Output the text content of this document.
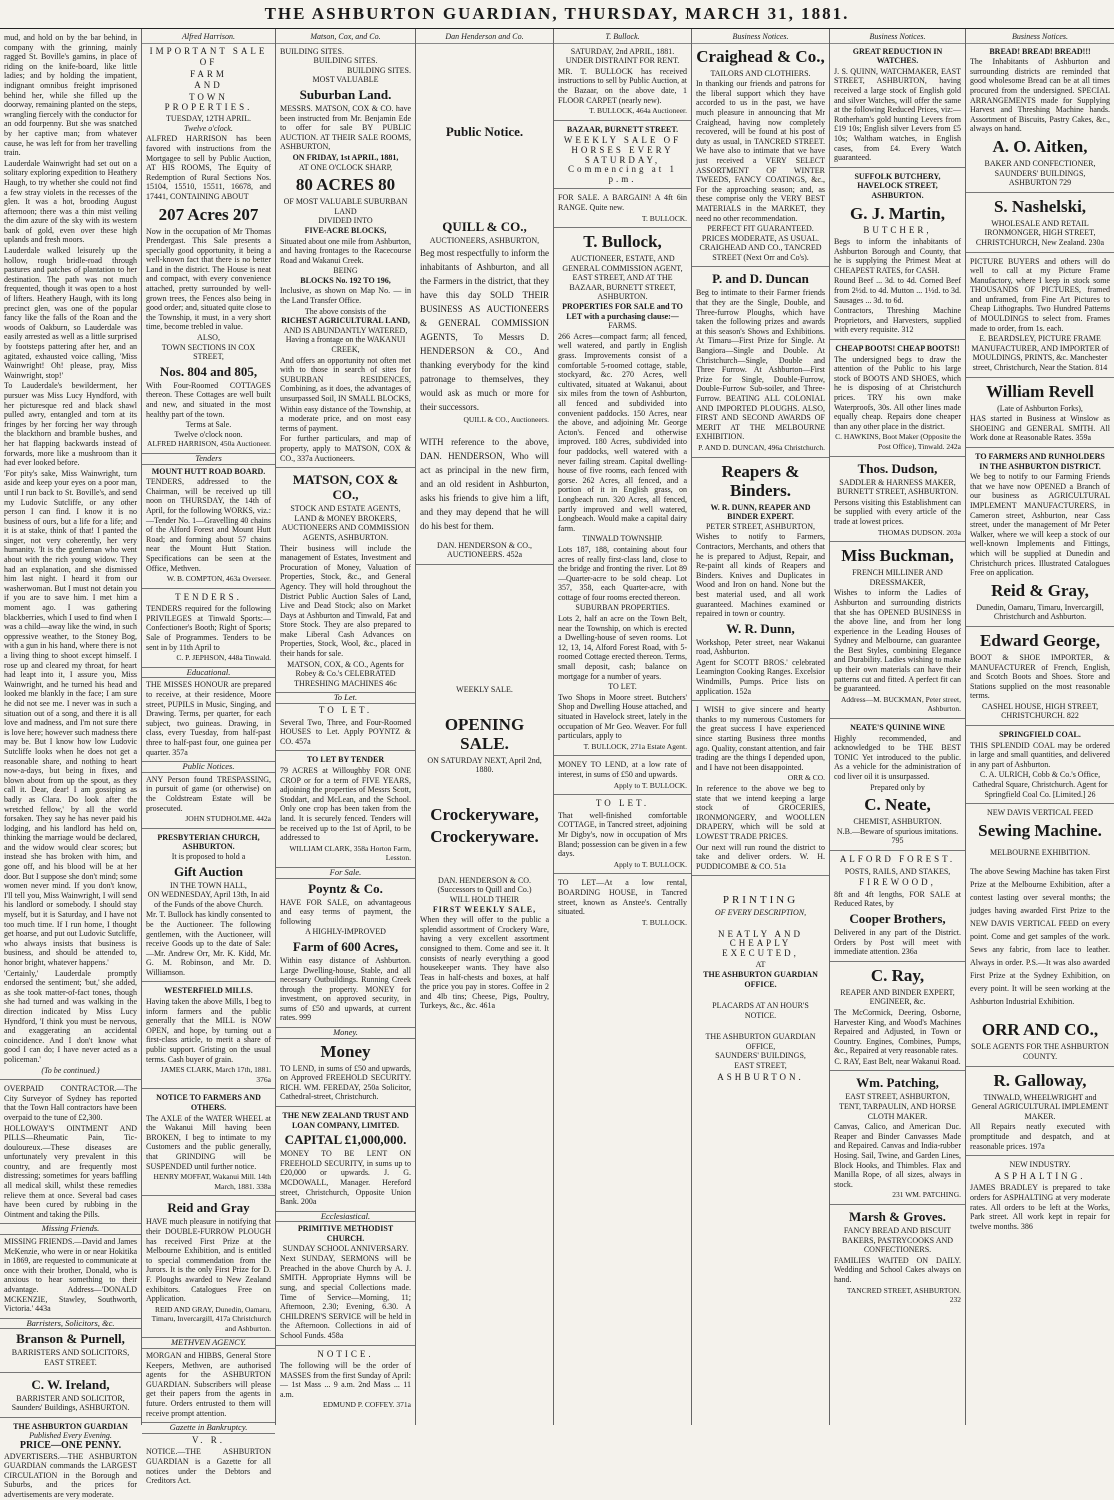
THE ASHBURTON GUARDIAN, THURSDAY, MARCH 31, 1881.

mud, and hold on by the bar behind, in company with the grinning, mainly ragged St. Boville's gamins, in place of riding on the knife-board, like little ladies; and by holding the impatient, indignant omnibus freight imprisoned behind her, while she filled up the doorway, remaining planted on the steps, wrangling fiercely with the conductor for an odd fourpenny. But she was snatched by her captive man; from whatever cause, he was left for from her travelling train.

Lauderdale Wainwright had set out on a solitary exploring expedition to Heathery Haugh, to try whether she could not find a few stray violets in the recesses of the glen. It was a hot, brooding August afternoon; there was a thin mist veiling the dim azure of the sky with its western bank of gold, even over these high uplands and fresh moors.

Lauderdale walked leisurely up the hollow, rough bridle-road through pastures and patches of plantation to her destination. The path was not much frequented, though it was open to a host of lifters. Heathery Haugh, with its long precinct glen, was one of the popular fancy like the falls of the Roan and the woods of Oakburn, so Lauderdale was easily arrested as well as a little surprised by footsteps pattering after her, and an agitated, exhausted voice calling, 'Miss Wainwright! Oh! please, pray, Miss Wainwright, stop!'

To Lauderdale's bewilderment, her pursuer was Miss Lucy Hyndford, with her picturesque red and black shawl pulled awry, entangled and torn at its fringes by her forcing her way through the blackthorn and bramble bushes, and her hat flapping backwards instead of forwards, more like a mushroom than it had ever looked before.

'For pity's sake, Miss Wainwright, turn aside and keep your eyes on a poor man, until I run back to St. Boville's, and send my Ludovic Sutcliffe, or any other person I can find. I know it is no business of ours, but a life for a life; and it is at stake, think of that! I panted the singer, not very coherently, her very humanity. 'It is the gentleman who went about with the rich young widow. They had an explanation, and she dismissed him last night. I heard it from our washerwoman. But I must not detain you if you are to save him. I met him a moment ago. I was gathering blackberries, which I used to find when I was a child—away like the wind, in such oppressive weather, to the Stoney Bog, with a gun in his hand, where there is not a living thing to shoot except himself. I rose up and cleared my throat, for heart had leapt into it, I assure you, Miss Wainwright, and he turned his head and looked me blankly in the face; I am sure he did not see me. I never was in such a situation out of a song, and there it is all love and madness, and I'm not sure there is love here; however such madness there may be. But I know how low Ludovic Sutcliffe looks when he does not get a reasonable share, and nothing to heart now-a-days, but being in fixes, and blown about from up the spout, as they call it. Dear, dear! I am gossiping as badly as Clara. Do look after the wretched fellow,' by all the world forsaken. They say he has never paid his lodging, and his landlord has held on, thinking the marriage would be declared, and the widow would clear scores; but instead she has broken with him, and gone off, and his blood will be at her door. But I suppose she don't mind; some women never mind. If you don't know, I'll tell you, Miss Wainwright, I will send his landlord or somebody. I should stay myself, but it is Saturday, and I have not too much time. If I run home, I thought get hoarse, and put out Ludovic Sutcliffe, who always insists that business is business, and should be attended to, honor bright, whatever happens.'

'Certainly,' Lauderdale promptly endorsed the sentiment; 'but,' she added, as she took matter-of-fact tones, though she had turned and was walking in the direction indicated by Miss Lucy Hyndford, 'I think you must be nervous, and exaggerating an accidental coincidence. And I don't know what good I can do; I have never acted as a policeman.'

(To be continued.)

OVERPAID CONTRACTOR.—The City Surveyor of Sydney has reported that the Town Hall contractors have been overpaid to the tune of £2,300.

HOLLOWAY'S OINTMENT AND PILLS—Rheumatic Pain, Tic-douloureux.—These diseases are unfortunately very prevalent in this country, and are frequently most distressing; sometimes for years baffling all medical skill, whilst these remedies relieve them at once. Several bad cases have been cured by rubbing in the Ointment and taking the Pills.

Missing Friends.

MISSING FRIENDS.—David and James McKenzie, who were in or near Hokitika in 1869, are requested to communicate at once with their brother, Donald, who is anxious to hear something to their advantage. Address—'DONALD MCKENZIE, Stawley, Southworth, Victoria.' 443a

Barristers, Solicitors, &c.
Branson & Purnell,
BARRISTERS AND SOLICITORS, EAST STREET.
C. W. Ireland,
BARRISTER AND SOLICITOR, Saunders' Buildings, ASHBURTON.
THE ASHBURTON GUARDIAN
Published Every Evening.
PRICE—ONE PENNY.

ADVERTISERS.—THE ASHBURTON GUARDIAN commands the LARGEST CIRCULATION in the Borough and Suburbs, and the prices for advertisements are very moderate.

Alfred Harrison.
IMPORTANT SALE
OF
FARM
AND
TOWN PROPERTIES.
TUESDAY, 12TH APRIL.
Twelve o'clock.

ALFRED HARRISON has been favored with instructions from the Mortgagee to sell by Public Auction, AT HIS ROOMS, The Equity of Redemption of Rural Sections Nos. 15104, 15510, 15511, 16678, and 17441, CONTAINING ABOUT

207 Acres 207

Now in the occupation of Mr Thomas Prendergast. This Sale presents a specially good opportunity, it being a well-known fact that there is no better Land in the district. The House is neat and compact, with every convenience attached, pretty surrounded by well-grown trees, the Fences also being in good order; and, situated quite close to the Township, it must, in a very short time, become trebled in value.

ALSO,
TOWN SECTIONS IN COX STREET,
Nos. 804 and 805,

With Four-Roomed COTTAGES thereon. These Cottages are well built and new, and situated in the most healthy part of the town.

Terms at Sale.
Twelve o'clock noon.
ALFRED HARRISON, 450a Auctioneer.
Tenders
MOUNT HUTT ROAD BOARD.

TENDERS, addressed to the Chairman, will be received up till noon on THURSDAY, the 14th of April, for the following WORKS, viz.:—Tender No. 1—Gravelling 40 chains of the Alford Forest and Mount Hutt Road; and forming about 57 chains near the Mount Hutt Station. Specifications can be seen at the Office, Methven.

W. B. COMPTON, 463a Overseer.
TENDERS.

TENDERS required for the following PRIVILEGES at Tinwald Sports:—Confectioner's Booth; Right of Sports; Sale of Programmes. Tenders to be sent in by 11th April to

C. P. JEPHSON, 448a Tinwald.
Educational.

THE MISSES HONOUR are prepared to receive, at their residence, Moore street, PUPILS in Music, Singing, and Drawing. Terms, per quarter, for each subject, two guineas. Drawing, in class, every Tuesday, from half-past three to half-past four, one guinea per quarter. 357a

Public Notices.

ANY Person found TRESPASSING, in pursuit of game (or otherwise) on the Coldstream Estate will be prosecuted.

JOHN STUDHOLME. 442a
PRESBYTERIAN CHURCH, ASHBURTON.
It is proposed to hold a
Gift Auction
IN THE TOWN HALL,
ON WEDNESDAY, April 13th, In aid of the Funds of the above Church.

Mr. T. Bullock has kindly consented to be the Auctioneer. The following gentlemen, with the Auctioneer, will receive Goods up to the date of Sale:—Mr. Andrew Orr, Mr. K. Kidd, Mr. G. M. Robinson, and Mr. D. Williamson.

WESTERFIELD MILLS.

Having taken the above Mills, I beg to inform farmers and the public generally that the MILL is NOW OPEN, and hope, by turning out a first-class article, to merit a share of public support. Gristing on the usual terms. Cash buyer of grain.

JAMES CLARK, March 17th, 1881. 376a
NOTICE TO FARMERS AND OTHERS.

The AXLE of the WATER WHEEL at the Wakanui Mill having been BROKEN, I beg to intimate to my Customers and the public generally, that GRINDING will be SUSPENDED until further notice.

HENRY MOFFAT, Wakanui Mill. 14th March, 1881. 338a
Reid and Gray

HAVE much pleasure in notifying that their DOUBLE-FURROW PLOUGH has received First Prize at the Melbourne Exhibition, and is entitled to special commendation from the Jurors. It is the only First Prize for D. F. Ploughs awarded to New Zealand exhibitors. Catalogues Free on Application.

REID AND GRAY, Dunedin, Oamaru, Timaru, Invercargill, 417a Christchurch and Ashburton.
METHVEN AGENCY.

MORGAN and HIBBS, General Store Keepers, Methven, are authorised agents for the ASHBURTON GUARDIAN. Subscribers will please get their papers from the agents in future. Orders entrusted to them will receive prompt attention.

Gazette in Bankruptcy.
V. R.

NOTICE.—THE ASHBURTON GUARDIAN is a Gazette for all notices under the Debtors and Creditors Act.

Matson, Cox, and Co.
BUILDING SITES.
BUILDING SITES.
BUILDING SITES.
MOST VALUABLE
Suburban Land.

MESSRS. MATSON, COX & CO. have been instructed from Mr. Benjamin Ede to offer for sale BY PUBLIC AUCTION. AT THEIR SALE ROOMS, ASHBURTON,

ON FRIDAY, 1st APRIL, 1881,
AT ONE O'CLOCK SHARP,
80 ACRES 80
OF MOST VALUABLE SUBURBAN LAND
DIVIDED INTO
FIVE-ACRE BLOCKS,

Situated about one mile from Ashburton, and having frontages to the Racecourse Road and Wakanui Creek.

BEING
BLOCKS No. 192 TO 196,

Inclusive, as shown on Map No. — in the Land Transfer Office.

The above consists of the
RICHEST AGRICULTURAL LAND,
AND IS ABUNDANTLY WATERED,
Having a frontage on the WAKANUI CREEK,

And offers an opportunity not often met with to those in search of sites for SUBURBAN RESIDENCES, Combining, as it does, the advantages of unsurpassed Soil, IN SMALL BLOCKS,

Within easy distance of the Township, at a moderate price, and on most easy terms of payment.

For further particulars, and map of property, apply to MATSON, COX & CO., 337a Auctioneers.

MATSON, COX & CO.,
STOCK AND ESTATE AGENTS, LAND & MONEY BROKERS, AUCTIONEERS AND COMMISSION AGENTS, ASHBURTON.

Their business will include the management of Estates, Investment and Procuration of Money, Valuation of Properties, Stock, &c., and General Agency. They will hold throughout the District Public Auction Sales of Land, Live and Dead Stock; also on Market Days at Ashburton and Tinwald, Fat and Store Stock. They are also prepared to make Liberal Cash Advances on Properties, Stock, Wool, &c., placed in their hands for sale.

MATSON, COX, & CO., Agents for Robey & Co.'s CELEBRATED THRESHING MACHINES 46c
To Let.
TO LET.

Several Two, Three, and Four-Roomed HOUSES to Let. Apply POYNTZ & CO. 457a

TO LET BY TENDER

79 ACRES at Willoughby FOR ONE CROP or for a term of FIVE YEARS, adjoining the properties of Messrs Scott, Stoddart, and McLean, and the School. Only one crop has been taken from the land. It is securely fenced. Tenders will be received up to the 1st of April, to be addressed to

WILLIAM CLARK, 358a Horton Farm, Lesston.
For Sale.
Poyntz & Co.

HAVE FOR SALE, on advantageous and easy terms of payment, the following

A HIGHLY-IMPROVED
Farm of 600 Acres,

Within easy distance of Ashburton. Large Dwelling-house, Stable, and all necessary Outbuildings. Running Creek through the property. MONEY for investment, on approved security, in sums of £50 and upwards, at current rates. 999

Money.
Money

TO LEND, in sums of £50 and upwards, on Approved FREEHOLD SECURITY. RICH. WM. FEREDAY, 250a Solicitor, Cathedral-street, Christchurch.

THE NEW ZEALAND TRUST AND LOAN COMPANY, LIMITED.
CAPITAL £1,000,000.

MONEY TO BE LENT ON FREEHOLD SECURITY, in sums up to £20,000 or upwards. J. G. MCDOWALL, Manager. Hereford street, Christchurch, Opposite Union Bank. 200a

Ecclesiastical.
PRIMITIVE METHODIST CHURCH.
SUNDAY SCHOOL ANNIVERSARY.

Next SUNDAY, SERMONS will be Preached in the above Church by A. J. SMITH. Appropriate Hymns will be sung, and special Collections made. Time of Service—Morning, 11; Afternoon, 2.30; Evening, 6.30. A CHILDREN'S SERVICE will be held in the Afternoon. Collections in aid of School Funds. 458a

NOTICE.

The following will be the order of MASSES from the first Sunday of April:— 1st Mass ... 9 a.m. 2nd Mass ... 11 a.m.

EDMUND P. COFFEY. 371a
Dan Henderson and Co.
Public Notice.
QUILL & CO.,
AUCTIONEERS, ASHBURTON,

Beg most respectfully to inform the inhabitants of Ashburton, and all the Farmers in the district, that they have this day SOLD THEIR BUSINESS AS AUCTIONEERS & GENERAL COMMISSION AGENTS, To Messrs D. HENDERSON & CO., And thanking everybody for the kind patronage to themselves, they would ask as much or more for their successors.

QUILL & CO., Auctioneers.

WITH reference to the above, DAN. HENDERSON, Who will act as principal in the new firm, and an old resident in Ashburton, asks his friends to give him a lift, and they may depend that he will do his best for them.

DAN. HENDERSON & CO., AUCTIONEERS. 452a
WEEKLY SALE.
OPENING SALE.
ON SATURDAY NEXT, April 2nd, 1880.
Crockeryware,
Crockeryware.
DAN. HENDERSON & CO. (Successors to Quill and Co.)
WILL HOLD THEIR
FIRST WEEKLY SALE,

When they will offer to the public a splendid assortment of Crockery Ware, having a very excellent assortment consigned to them. Come and see it. It consists of nearly everything a good housekeeper wants. They have also Teas in half-chests and boxes, at half the price you pay in stores. Coffee in 2 and 4lb tins; Cheese, Pigs, Poultry, Turkeys, &c., &c. 461a

T. Bullock.
SATURDAY, 2nd APRIL, 1881.
UNDER DISTRAINT FOR RENT.

MR. T. BULLOCK has received instructions to sell by Public Auction, at the Bazaar, on the above date, 1 FLOOR CARPET (nearly new).

T. BULLOCK, 464a Auctioneer.
BAZAAR, BURNETT STREET.
WEEKLY SALE OF HORSES EVERY SATURDAY, Commencing at 1 p.m.

FOR SALE. A BARGAIN! A 4ft 6in RANGE. Quite new.

T. BULLOCK.
T. Bullock,
AUCTIONEER, ESTATE, AND GENERAL COMMISSION AGENT, EAST STREET, AND AT THE BAZAAR, BURNETT STREET, ASHBURTON.
PROPERTIES FOR SALE and TO LET with a purchasing clause:—
FARMS.

266 Acres—compact farm; all fenced, well watered, and partly in English grass. Improvements consist of a comfortable 5-roomed cottage, stable, stockyard, &c. 270 Acres, well cultivated, situated at Wakanui, about six miles from the town of Ashburton, all fenced and subdivided into convenient paddocks. 150 Acres, near the above, and adjoining Mr. George Acton's. Fenced and otherwise improved. 180 Acres, subdivided into four paddocks, well watered with a never failing stream. Capital dwelling-house of five rooms, each fenced with gorse. 262 Acres, all fenced, and a portion of it in English grass, on Longbeach run. 320 Acres, all fenced, partly improved and well watered, Longbeach. Would make a capital dairy farm.

TINWALD TOWNSHIP.

Lots 187, 188, containing about four acres of really first-class land, close to the bridge and fronting the river. Lot 89—Quarter-acre to be sold cheap. Lot 357, 358, each Quarter-acre, with cottage of four rooms erected thereon.

SUBURBAN PROPERTIES.

Lots 2, half an acre on the Town Belt, near the Township, on which is erected a Dwelling-house of seven rooms. Lot 12, 13, 14, Alford Forest Road, with 5-roomed Cottage erected thereon. Terms, small deposit, cash; balance on mortgage for a number of years.

TO LET.

Two Shops in Moore street. Butchers' Shop and Dwelling House attached, and situated in Havelock street, lately in the occupation of Mr Geo. Weaver. For full particulars, apply to

T. BULLOCK, 271a Estate Agent.

MONEY TO LEND, at a low rate of interest, in sums of £50 and upwards.

Apply to T. BULLOCK.
TO LET.

That well-finished comfortable COTTAGE, in Tancred street, adjoining Mr Digby's, now in occupation of Mrs Bland; possession can be given in a few days.

Apply to T. BULLOCK.

TO LET—At a low rental, BOARDING HOUSE, in Tancred street, known as Anstee's. Centrally situated.

T. BULLOCK.
Business Notices.
Craighead & Co.,
TAILORS AND CLOTHIERS.

In thanking our friends and patrons for the liberal support which they have accorded to us in the past, we have much pleasure in announcing that Mr Craighead, having now completely recovered, will be found at his post of duty as usual, in TANCRED STREET. We have also to intimate that we have just received a VERY SELECT ASSORTMENT OF WINTER TWEEDS, FANCY COATINGS, &c., For the approaching season; and, as these comprise only the VERY BEST MATERIALS in the MARKET, they need no other recommendation.

PERFECT FIT GUARANTEED.
PRICES MODERATE, AS USUAL.
CRAIGHEAD AND CO., TANCRED STREET (Next Orr and Co's).
P. and D. Duncan

Beg to intimate to their Farmer friends that they are the Single, Double, and Three-furrow Ploughs, which have taken the following prizes and awards at this season's Shows and Exhibitions. At Timaru—First Prize for Single. At Bangiora—Single and Double. At Christchurch—Single, Double and Three Furrow. At Ashburton—First Prize for Single, Double-Furrow, Double-Furrow Sub-soiler, and Three-Furrow. BEATING ALL COLONIAL AND IMPORTED PLOUGHS. ALSO, FIRST AND SECOND AWARDS OF MERIT AT THE MELBOURNE EXHIBITION.

P. AND D. DUNCAN, 496a Christchurch.
Reapers & Binders.
W. R. DUNN, REAPER AND BINDER EXPERT.
PETER STREET, ASHBURTON,

Wishes to notify to Farmers, Contractors, Merchants, and others that he is prepared to Adjust, Repair, and Re-paint all kinds of Reapers and Binders. Knives and Duplicates in Wood and Iron on hand. None but the best material used, and all work guaranteed. Machines examined or repaired in town or country.

W. R. Dunn,

Workshop, Peter street, near Wakanui road, Ashburton.

Agent for SCOTT BROS.' celebrated Leamington Cooking Ranges. Excelsior Windmills, Pumps. Price lists on application. 152a

I WISH to give sincere and hearty thanks to my numerous Customers for the great success I have experienced since starting Business three months ago. Quality, constant attention, and fair trading are the things I depended upon, and I have not been disappointed.

ORR & CO.

In reference to the above we beg to state that we intend keeping a large stock of GROCERIES, IRONMONGERY, and WOOLLEN DRAPERY, which will be sold at LOWEST TRADE PRICES.

Our next will run round the district to take and deliver orders. W. H. PUDDICOMBE & CO. 51a

PRINTING
OF EVERY DESCRIPTION,
NEATLY AND CHEAPLY EXECUTED,
AT
THE ASHBURTON GUARDIAN OFFICE.
PLACARDS AT AN HOUR'S NOTICE.
THE ASHBURTON GUARDIAN OFFICE,
SAUNDERS' BUILDINGS,
EAST STREET,
ASHBURTON.
Business Notices.
GREAT REDUCTION IN WATCHES.

J. S. QUINN, WATCHMAKER, EAST STREET, ASHBURTON, having received a large stock of English gold and silver Watches, will offer the same at the following Reduced Prices, viz:—Rotherham's gold hunting Levers from £19 10s; English silver Levers from £5 10s; Waltham watches, in English cases, from £4. Every Watch guaranteed.

SUFFOLK BUTCHERY, HAVELOCK STREET, ASHBURTON.
G. J. Martin,
BUTCHER,

Begs to inform the inhabitants of Ashburton Borough and County, that he is supplying the Primest Meat at CHEAPEST RATES, for CASH.

Round Beef ... 3d. to 4d. Corned Beef from 2½d. to 4d. Mutton ... 1½d. to 3d. Sausages ... 3d. to 6d.

Contractors, Threshing Machine Proprietors, and Harvesters, supplied with every requisite. 312

CHEAP BOOTS! CHEAP BOOTS!!

The undersigned begs to draw the attention of the Public to his large stock of BOOTS AND SHOES, which he is disposing of at Christchurch prices. TRY his own make Waterproofs, 30s. All other lines made equally cheap. Repairs done cheaper than any other place in the district.

C. HAWKINS, Boot Maker (Opposite the Post Office), Tinwald. 242a
Thos. Dudson,
SADDLER & HARNESS MAKER, BURNETT STREET, ASHBURTON.

Persons visiting this Establishment can be supplied with every article of the trade at lowest prices.

THOMAS DUDSON. 203a
Miss Buckman,
FRENCH MILLINER AND DRESSMAKER,

Wishes to inform the Ladies of Ashburton and surrounding districts that she has OPENED BUSINESS in the above line, and from her long experience in the Leading Houses of Sydney and Melbourne, can guarantee the Best Styles, combining Elegance and Durability. Ladies wishing to make up their own materials can have their patterns cut and fitted. A perfect fit can be guaranteed.

Address—M. BUCKMAN, Peter street, Ashburton.
NEATE'S QUININE WINE

Highly recommended, and acknowledged to be THE BEST TONIC Yet introduced to the public. As a vehicle for the administration of cod liver oil it is unsurpassed.

Prepared only by
C. Neate,
CHEMIST, ASHBURTON.
N.B.—Beware of spurious imitations. 795
ALFORD FOREST.
POSTS, RAILS, AND STAKES,
FIREWOOD,

8ft and 4ft lengths, FOR SALE at Reduced Rates, by

Cooper Brothers,

Delivered in any part of the District. Orders by Post will meet with immediate attention. 236a

C. Ray,
REAPER AND BINDER EXPERT, ENGINEER, &c.

The McCormick, Deering, Osborne, Harvester King, and Wood's Machines Repaired and Adjusted, in Town or Country. Engines, Combines, Pumps, &c., Repaired at very reasonable rates.

C. RAY, East Belt, near Wakanui Road.
Wm. Patching,
EAST STREET, ASHBURTON, TENT, TARPAULIN, AND HORSE CLOTH MAKER.

Canvas, Calico, and American Duc. Reaper and Binder Canvasses Made and Repaired. Canvas and India-rubber Hosing. Sail, Twine, and Garden Lines, Block Hooks, and Thimbles. Flax and Manilla Rope, of all sizes, always in stock.

231 WM. PATCHING.
Marsh & Groves.
FANCY BREAD AND BISCUIT BAKERS, PASTRYCOOKS AND CONFECTIONERS.

FAMILIES WAITED ON DAILY. Wedding and School Cakes always on hand.

TANCRED STREET, ASHBURTON. 232
Business Notices.
BREAD! BREAD! BREAD!!!

The Inhabitants of Ashburton and surrounding districts are reminded that good wholesome Bread can be at all times procured from the undersigned. SPECIAL ARRANGEMENTS made for Supplying Harvest and Threshing Machine hands. Assortment of Biscuits, Pastry Cakes, &c., always on hand.

A. O. Aitken,
BAKER AND CONFECTIONER, SAUNDERS' BUILDINGS, ASHBURTON 729
S. Nashelski,
WHOLESALE AND RETAIL IRONMONGER, HIGH STREET, CHRISTCHURCH, New Zealand. 230a

PICTURE BUYERS and others will do well to call at my Picture Frame Manufactory, where I keep in stock some THOUSANDS OF PICTURES, framed and unframed, from Fine Art Pictures to Cheap Lithographs. Two Hundred Patterns of MOULDINGS to select from. Frames made to order, from 1s. each.

E. BEARDSLEY, PICTURE FRAME MANUFACTURER, AND IMPORTER of MOULDINGS, PRINTS, &c. Manchester street, Christchurch, Near the Station. 814
William Revell
(Late of Ashburton Forks),

HAS started in Business at Winslow as SHOEING and GENERAL SMITH. All Work done at Reasonable Rates. 359a

TO FARMERS AND RUNHOLDERS IN THE ASHBURTON DISTRICT.

We beg to notify to our Farming Friends that we have now OPENED a Branch of our business as AGRICULTURAL IMPLEMENT MANUFACTURERS, in Cameron street, Ashburton, near Cass street, under the management of Mr Peter Walker, where we will keep a stock of our well-known Implements and Fittings, which will be supplied at Dunedin and Christchurch prices. Illustrated Catalogues Free on application.

Reid & Gray,
Dunedin, Oamaru, Timaru, Invercargill, Christchurch and Ashburton.
Edward George,

BOOT & SHOE IMPORTER, & MANUFACTURER of French, English, and Scotch Boots and Shoes. Store and Stations supplied on the most reasonable terms.

CASHEL HOUSE, HIGH STREET, CHRISTCHURCH. 822
SPRINGFIELD COAL.

THIS SPLENDID COAL may be ordered in large and small quantities, and delivered in any part of Ashburton.

C. A. ULRICH, Cobb & Co.'s Office, Cathedral Square, Christchurch. Agent for Springfield Coal Co. [Limited.] 26
NEW DAVIS VERTICAL FEED
Sewing Machine.
MELBOURNE EXHIBITION.

The above Sewing Machine has taken First Prize at the Melbourne Exhibition, after a contest lasting over several months; the judges having awarded First Prize to the NEW DAVIS VERTICAL FEED on every point. Come and get samples of the work. Sews any fabric, from lace to leather. Always in order. P.S.—It was also awarded First Prize at the Sydney Exhibition, on every point. It will be seen working at the Ashburton Industrial Exhibition.

ORR AND CO.,
SOLE AGENTS FOR THE ASHBURTON COUNTY.
R. Galloway,
TINWALD, WHEELWRIGHT and General AGRICULTURAL IMPLEMENT MAKER.

All Repairs neatly executed with promptitude and despatch, and at reasonable prices. 197a

NEW INDUSTRY.
ASPHALTING.

JAMES BRADLEY is prepared to take orders for ASPHALTING at very moderate rates. All orders to be left at the Works, Park street. All work kept in repair for twelve months. 386
